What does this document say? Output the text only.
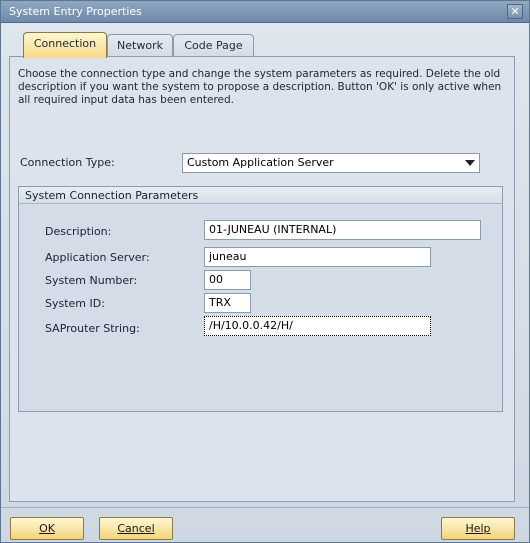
System Entry Properties	✕
Connection	Network	Code Page
Choose the connection type and change the system parameters as required. Delete the old description if you want the system to propose a description. Button 'OK' is only active when all required input data has been entered.
Connection Type:	Custom Application Server
System Connection Parameters
Description:	01-JUNEAU (INTERNAL)
Application Server:	juneau
System Number:	00
System ID:	TRX
SAProuter String:	/H/10.0.0.42/H/
OK	Cancel	Help
